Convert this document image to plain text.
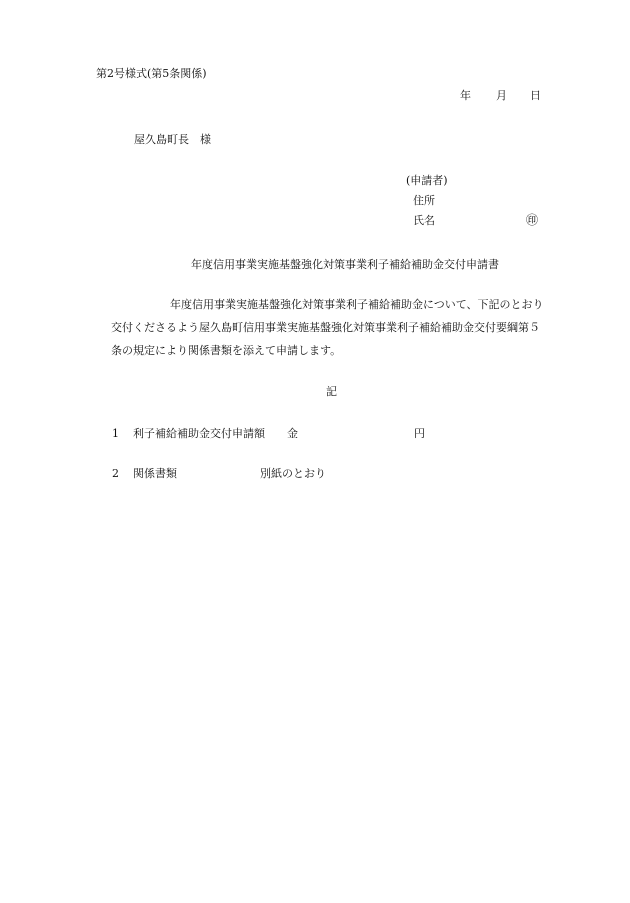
第2号様式(第5条関係)
年 月 日
屋久島町長　様
(申請者)
住所
氏名	㊞
年度信用事業実施基盤強化対策事業利子補給補助金交付申請書
年度信用事業実施基盤強化対策事業利子補給補助金について、下記のとおり
交付くださるよう屋久島町信用事業実施基盤強化対策事業利子補給補助金交付要綱第５
条の規定により関係書類を添えて申請します。
記
1 利子補給補助金交付申請額 金	円
2 関係書類	別紙のとおり
